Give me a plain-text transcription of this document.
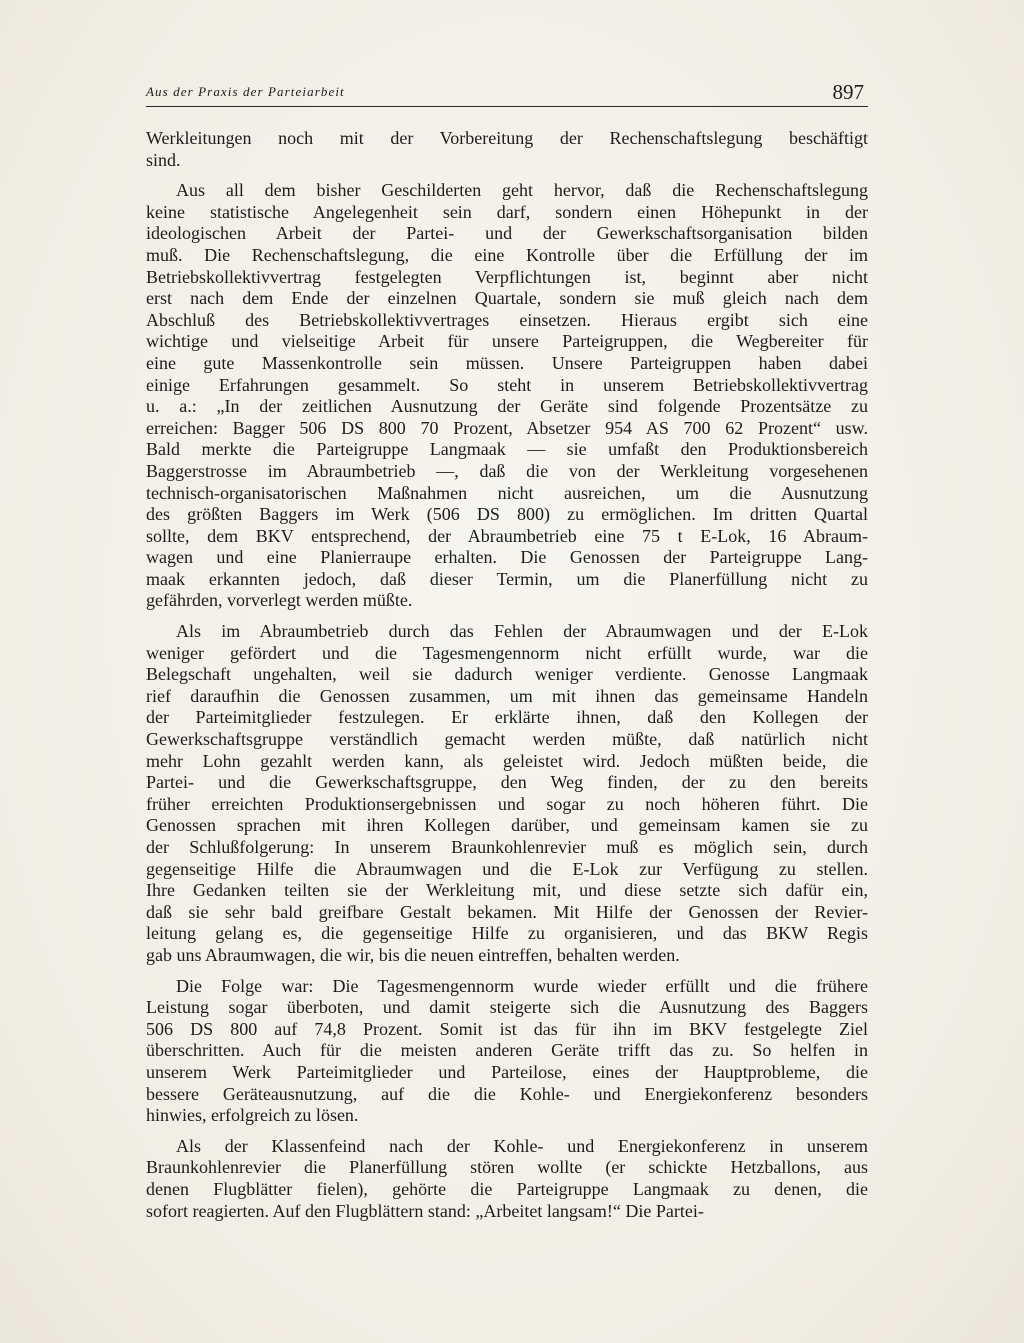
Aus der Praxis der Parteiarbeit	897
Werkleitungen noch mit der Vorbereitung der Rechenschaftslegung beschäftigt
sind.
Aus all dem bisher Geschilderten geht hervor, daß die Rechenschaftslegung
keine statistische Angelegenheit sein darf, sondern einen Höhepunkt in der
ideologischen Arbeit der Partei- und der Gewerkschaftsorganisation bilden
muß. Die Rechenschaftslegung, die eine Kontrolle über die Erfüllung der im
Betriebskollektivvertrag festgelegten Verpflichtungen ist, beginnt aber nicht
erst nach dem Ende der einzelnen Quartale, sondern sie muß gleich nach dem
Abschluß des Betriebskollektivvertrages einsetzen. Hieraus ergibt sich eine
wichtige und vielseitige Arbeit für unsere Parteigruppen, die Wegbereiter für
eine gute Massenkontrolle sein müssen. Unsere Parteigruppen haben dabei
einige Erfahrungen gesammelt. So steht in unserem Betriebskollektivvertrag
u. a.: „In der zeitlichen Ausnutzung der Geräte sind folgende Prozentsätze zu
erreichen: Bagger 506 DS 800 70 Prozent, Absetzer 954 AS 700 62 Prozent“ usw.
Bald merkte die Parteigruppe Langmaak — sie umfaßt den Produktionsbereich
Baggerstrosse im Abraumbetrieb —, daß die von der Werkleitung vorgesehenen
technisch-organisatorischen Maßnahmen nicht ausreichen, um die Ausnutzung
des größten Baggers im Werk (506 DS 800) zu ermöglichen. Im dritten Quartal
sollte, dem BKV entsprechend, der Abraumbetrieb eine 75 t E-Lok, 16 Abraum-
wagen und eine Planierraupe erhalten. Die Genossen der Parteigruppe Lang-
maak erkannten jedoch, daß dieser Termin, um die Planerfüllung nicht zu
gefährden, vorverlegt werden müßte.
Als im Abraumbetrieb durch das Fehlen der Abraumwagen und der E-Lok
weniger gefördert und die Tagesmengennorm nicht erfüllt wurde, war die
Belegschaft ungehalten, weil sie dadurch weniger verdiente. Genosse Langmaak
rief daraufhin die Genossen zusammen, um mit ihnen das gemeinsame Handeln
der Parteimitglieder festzulegen. Er erklärte ihnen, daß den Kollegen der
Gewerkschaftsgruppe verständlich gemacht werden müßte, daß natürlich nicht
mehr Lohn gezahlt werden kann, als geleistet wird. Jedoch müßten beide, die
Partei- und die Gewerkschaftsgruppe, den Weg finden, der zu den bereits
früher erreichten Produktionsergebnissen und sogar zu noch höheren führt. Die
Genossen sprachen mit ihren Kollegen darüber, und gemeinsam kamen sie zu
der Schlußfolgerung: In unserem Braunkohlenrevier muß es möglich sein, durch
gegenseitige Hilfe die Abraumwagen und die E-Lok zur Verfügung zu stellen.
Ihre Gedanken teilten sie der Werkleitung mit, und diese setzte sich dafür ein,
daß sie sehr bald greifbare Gestalt bekamen. Mit Hilfe der Genossen der Revier-
leitung gelang es, die gegenseitige Hilfe zu organisieren, und das BKW Regis
gab uns Abraumwagen, die wir, bis die neuen eintreffen, behalten werden.
Die Folge war: Die Tagesmengennorm wurde wieder erfüllt und die frühere
Leistung sogar überboten, und damit steigerte sich die Ausnutzung des Baggers
506 DS 800 auf 74,8 Prozent. Somit ist das für ihn im BKV festgelegte Ziel
überschritten. Auch für die meisten anderen Geräte trifft das zu. So helfen in
unserem Werk Parteimitglieder und Parteilose, eines der Hauptprobleme, die
bessere Geräteausnutzung, auf die die Kohle- und Energiekonferenz besonders
hinwies, erfolgreich zu lösen.
Als der Klassenfeind nach der Kohle- und Energiekonferenz in unserem
Braunkohlenrevier die Planerfüllung stören wollte (er schickte Hetzballons, aus
denen Flugblätter fielen), gehörte die Parteigruppe Langmaak zu denen, die
sofort reagierten. Auf den Flugblättern stand: „Arbeitet langsam!“ Die Partei-
